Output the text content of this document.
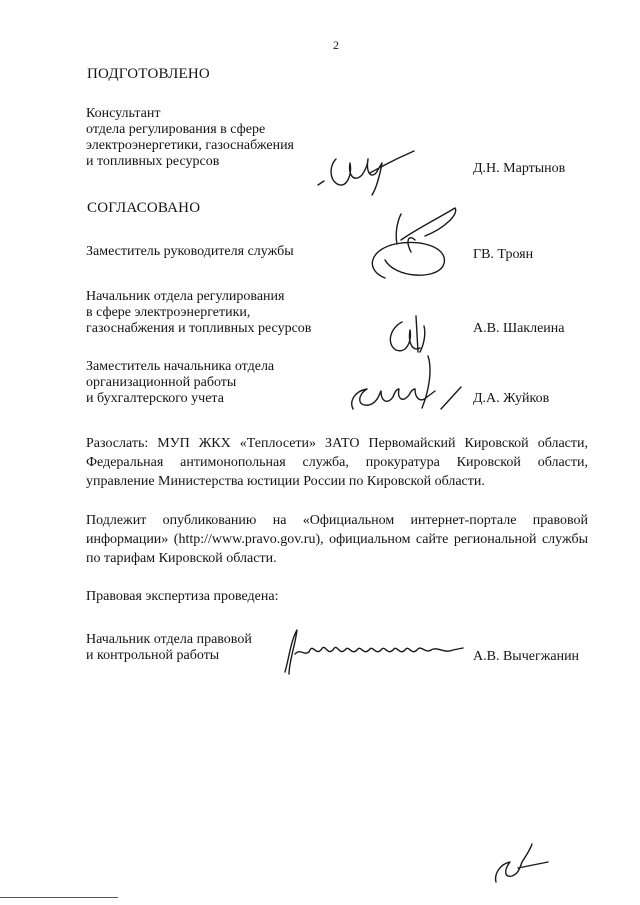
2
ПОДГОТОВЛЕНО
Консультант
отдела регулирования в сфере
электроэнергетики, газоснабжения
и топливных ресурсов	Д.Н. Мартынов
СОГЛАСОВАНО
Заместитель руководителя службы	ГВ. Троян
Начальник отдела регулирования
в сфере электроэнергетики,
газоснабжения и топливных ресурсов	А.В. Шаклеина
Заместитель начальника отдела
организационной работы
и бухгалтерского учета	Д.А. Жуйков
Разослать: МУП ЖКХ «Теплосети» ЗАТО Первомайский Кировской области, Федеральная антимонопольная служба, прокуратура Кировской области, управление Министерства юстиции России по Кировской области.
Подлежит опубликованию на «Официальном интернет-портале правовой информации» (http://www.pravo.gov.ru), официальном сайте региональной службы по тарифам Кировской области.
Правовая экспертиза проведена:
Начальник отдела правовой
и контрольной работы	А.В. Вычегжанин
